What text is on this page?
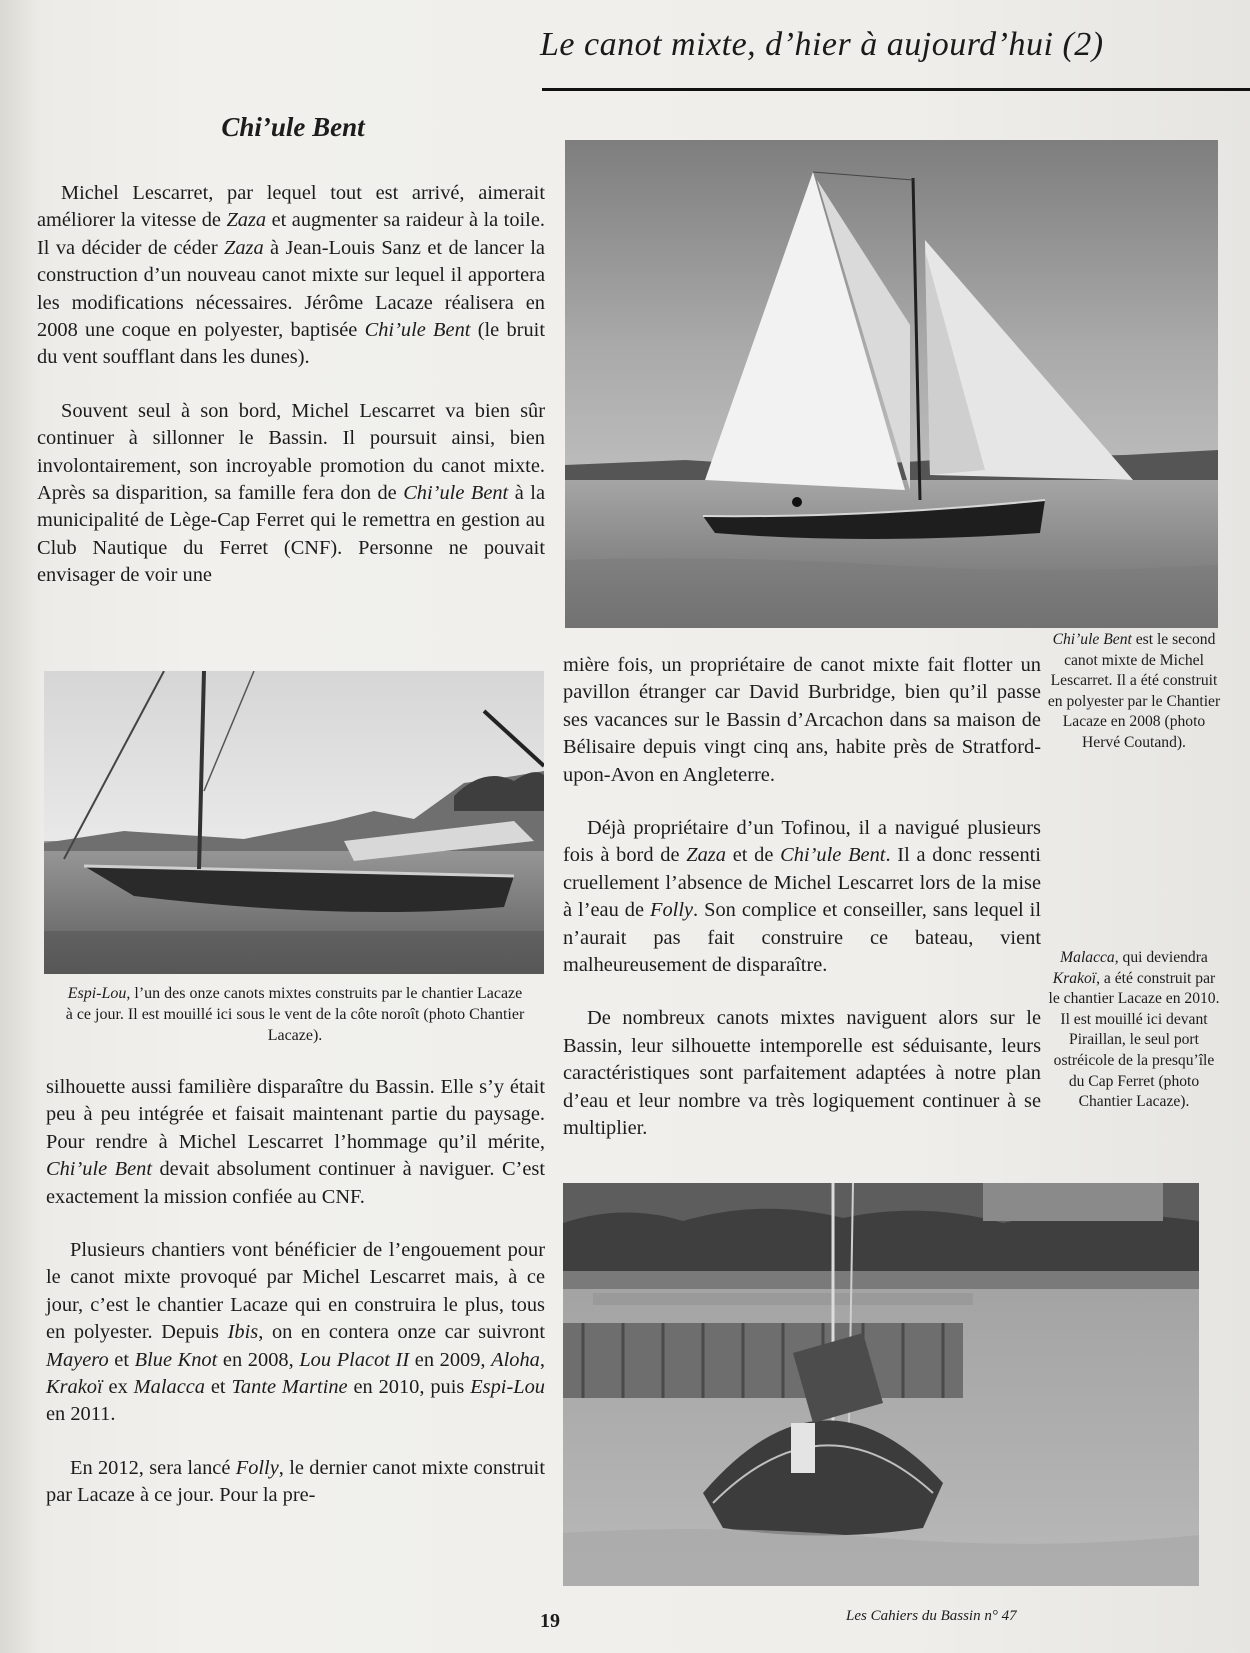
Le canot mixte, d’hier à aujourd’hui (2)
Chi’ule Bent

Michel Lescarret, par lequel tout est arrivé, aimerait améliorer la vitesse de Zaza et augmenter sa raideur à la toile. Il va décider de céder Zaza à Jean-Louis Sanz et de lancer la construction d’un nouveau canot mixte sur lequel il apportera les modifications nécessaires. Jérôme Lacaze réalisera en 2008 une coque en polyester, baptisée Chi’ule Bent (le bruit du vent soufflant dans les dunes).

Souvent seul à son bord, Michel Lescarret va bien sûr continuer à sillonner le Bassin. Il poursuit ainsi, bien involontairement, son incroyable promotion du canot mixte. Après sa disparition, sa famille fera don de Chi’ule Bent à la municipalité de Lège-Cap Ferret qui le remettra en gestion au Club Nautique du Ferret (CNF). Personne ne pouvait envisager de voir une

Espi-Lou, l’un des onze canots mixtes construits par le chantier Lacaze à ce jour. Il est mouillé ici sous le vent de la côte noroît (photo Chantier Lacaze).

silhouette aussi familière disparaître du Bassin. Elle s’y était peu à peu intégrée et faisait maintenant partie du paysage. Pour rendre à Michel Lescarret l’hommage qu’il mérite, Chi’ule Bent devait absolument continuer à naviguer. C’est exactement la mission confiée au CNF.

Plusieurs chantiers vont bénéficier de l’engouement pour le canot mixte provoqué par Michel Lescarret mais, à ce jour, c’est le chantier Lacaze qui en construira le plus, tous en polyester. Depuis Ibis, on en contera onze car suivront Mayero et Blue Knot en 2008, Lou Placot II en 2009, Aloha, Krakoï ex Malacca et Tante Martine en 2010, puis Espi-Lou en 2011.

En 2012, sera lancé Folly, le dernier canot mixte construit par Lacaze à ce jour. Pour la pre-

Chi’ule Bent est le second canot mixte de Michel Lescarret. Il a été construit en polyester par le Chantier Lacaze en 2008 (photo Hervé Coutand).

mière fois, un propriétaire de canot mixte fait flotter un pavillon étranger car David Burbridge, bien qu’il passe ses vacances sur le Bassin d’Arcachon dans sa maison de Bélisaire depuis vingt cinq ans, habite près de Stratford-upon-Avon en Angleterre.

Déjà propriétaire d’un Tofinou, il a navigué plusieurs fois à bord de Zaza et de Chi’ule Bent. Il a donc ressenti cruellement l’absence de Michel Lescarret lors de la mise à l’eau de Folly. Son complice et conseiller, sans lequel il n’aurait pas fait construire ce bateau, vient malheureusement de disparaître.

De nombreux canots mixtes naviguent alors sur le Bassin, leur silhouette intemporelle est séduisante, leurs caractéristiques sont parfaitement adaptées à notre plan d’eau et leur nombre va très logiquement continuer à se multiplier.

Malacca, qui deviendra Krakoï, a été construit par le chantier Lacaze en 2010. Il est mouillé ici devant Piraillan, le seul port ostréicole de la presqu’île du Cap Ferret (photo Chantier Lacaze).
19	Les Cahiers du Bassin n° 47
